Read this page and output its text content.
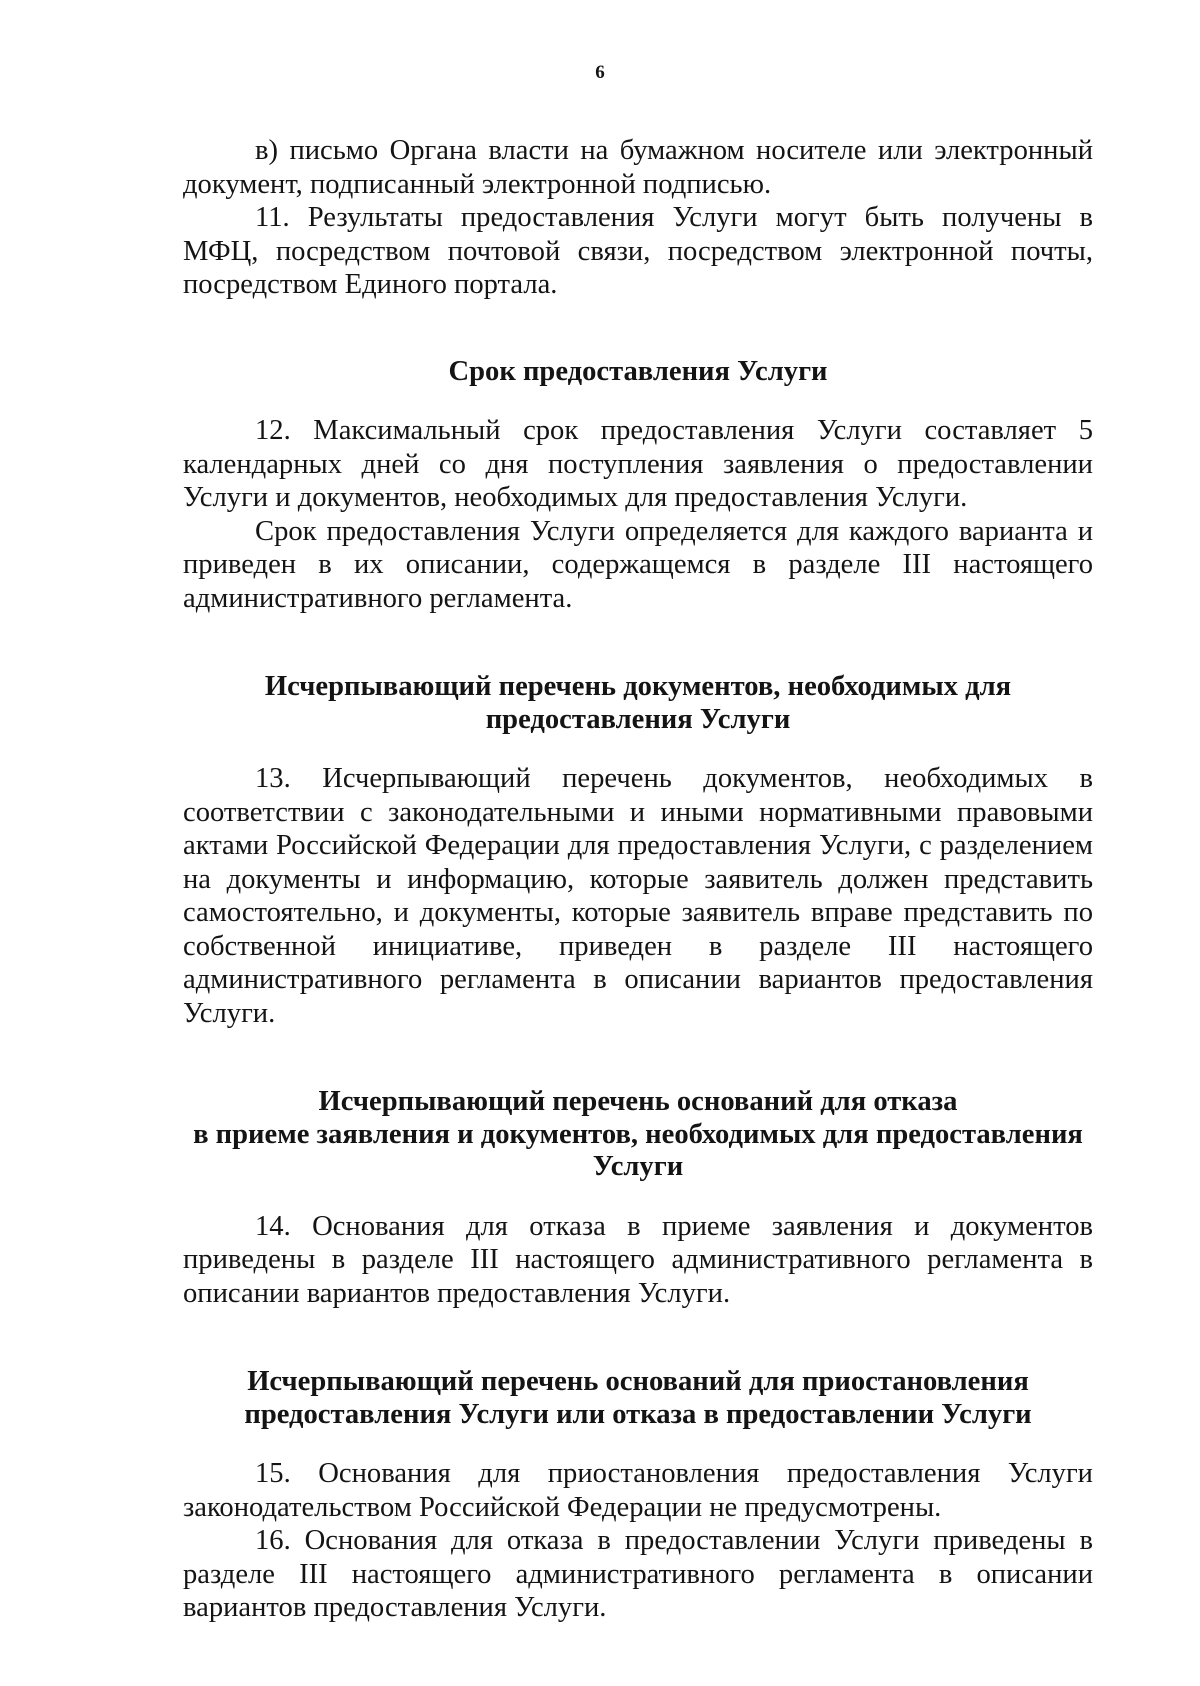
6

в) письмо Органа власти на бумажном носителе или электронный документ, подписанный электронной подписью.

11. Результаты предоставления Услуги могут быть получены в МФЦ, посредством почтовой связи, посредством электронной почты, посредством Единого портала.

Срок предоставления Услуги

12. Максимальный срок предоставления Услуги составляет 5 календарных дней со дня поступления заявления о предоставлении Услуги и документов, необходимых для предоставления Услуги.

Срок предоставления Услуги определяется для каждого варианта и приведен в их описании, содержащемся в разделе III настоящего административного регламента.

Исчерпывающий перечень документов, необходимых для
предоставления Услуги

13. Исчерпывающий перечень документов, необходимых в соответствии с законодательными и иными нормативными правовыми актами Российской Федерации для предоставления Услуги, с разделением на документы и информацию, которые заявитель должен представить самостоятельно, и документы, которые заявитель вправе представить по собственной инициативе, приведен в разделе III настоящего административного регламента в описании вариантов предоставления Услуги.

Исчерпывающий перечень оснований для отказа
в приеме заявления и документов, необходимых для предоставления
Услуги

14. Основания для отказа в приеме заявления и документов приведены в разделе III настоящего административного регламента в описании вариантов предоставления Услуги.

Исчерпывающий перечень оснований для приостановления
предоставления Услуги или отказа в предоставлении Услуги

15. Основания для приостановления предоставления Услуги законодательством Российской Федерации не предусмотрены.

16. Основания для отказа в предоставлении Услуги приведены в разделе III настоящего административного регламента в описании вариантов предоставления Услуги.
